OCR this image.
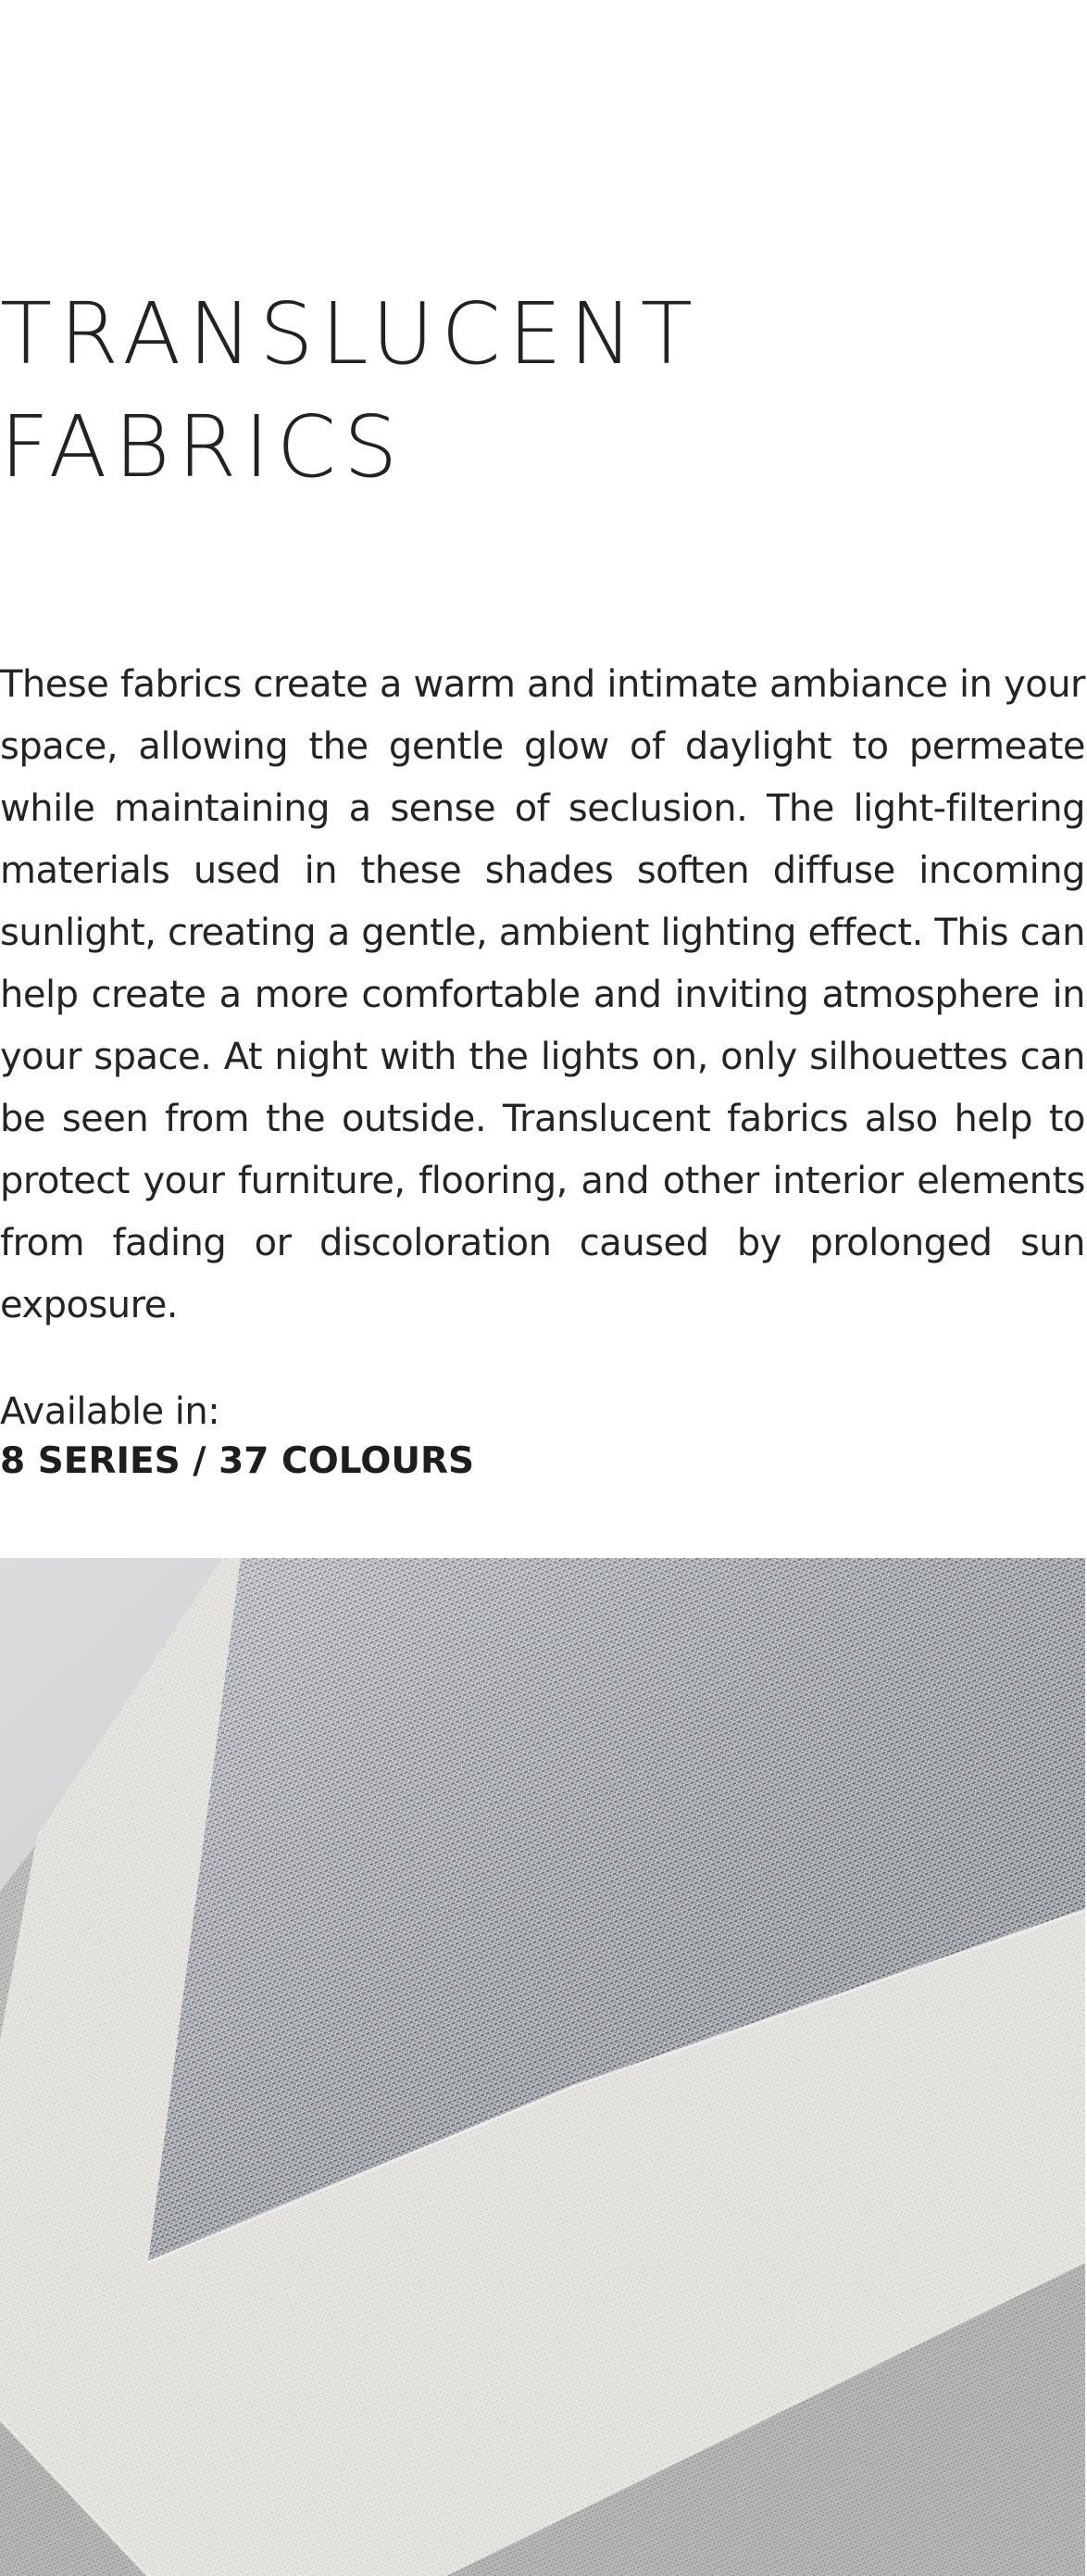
TRANSLUCENT
FABRICS

These fabrics create a warm and intimate ambiance in your space, allowing the gentle glow of daylight to permeate while maintaining a sense of seclusion. The light-filtering materials used in these shades soften diffuse incoming sunlight, creating a gentle, ambient lighting effect. This can help create a more comfortable and inviting atmosphere in your space. At night with the lights on, only silhouettes can be seen from the outside. Translucent fabrics also help to protect your furniture, flooring, and other interior elements from fading or discoloration caused by prolonged sun exposure.

Available in:
8 SERIES / 37 COLOURS
